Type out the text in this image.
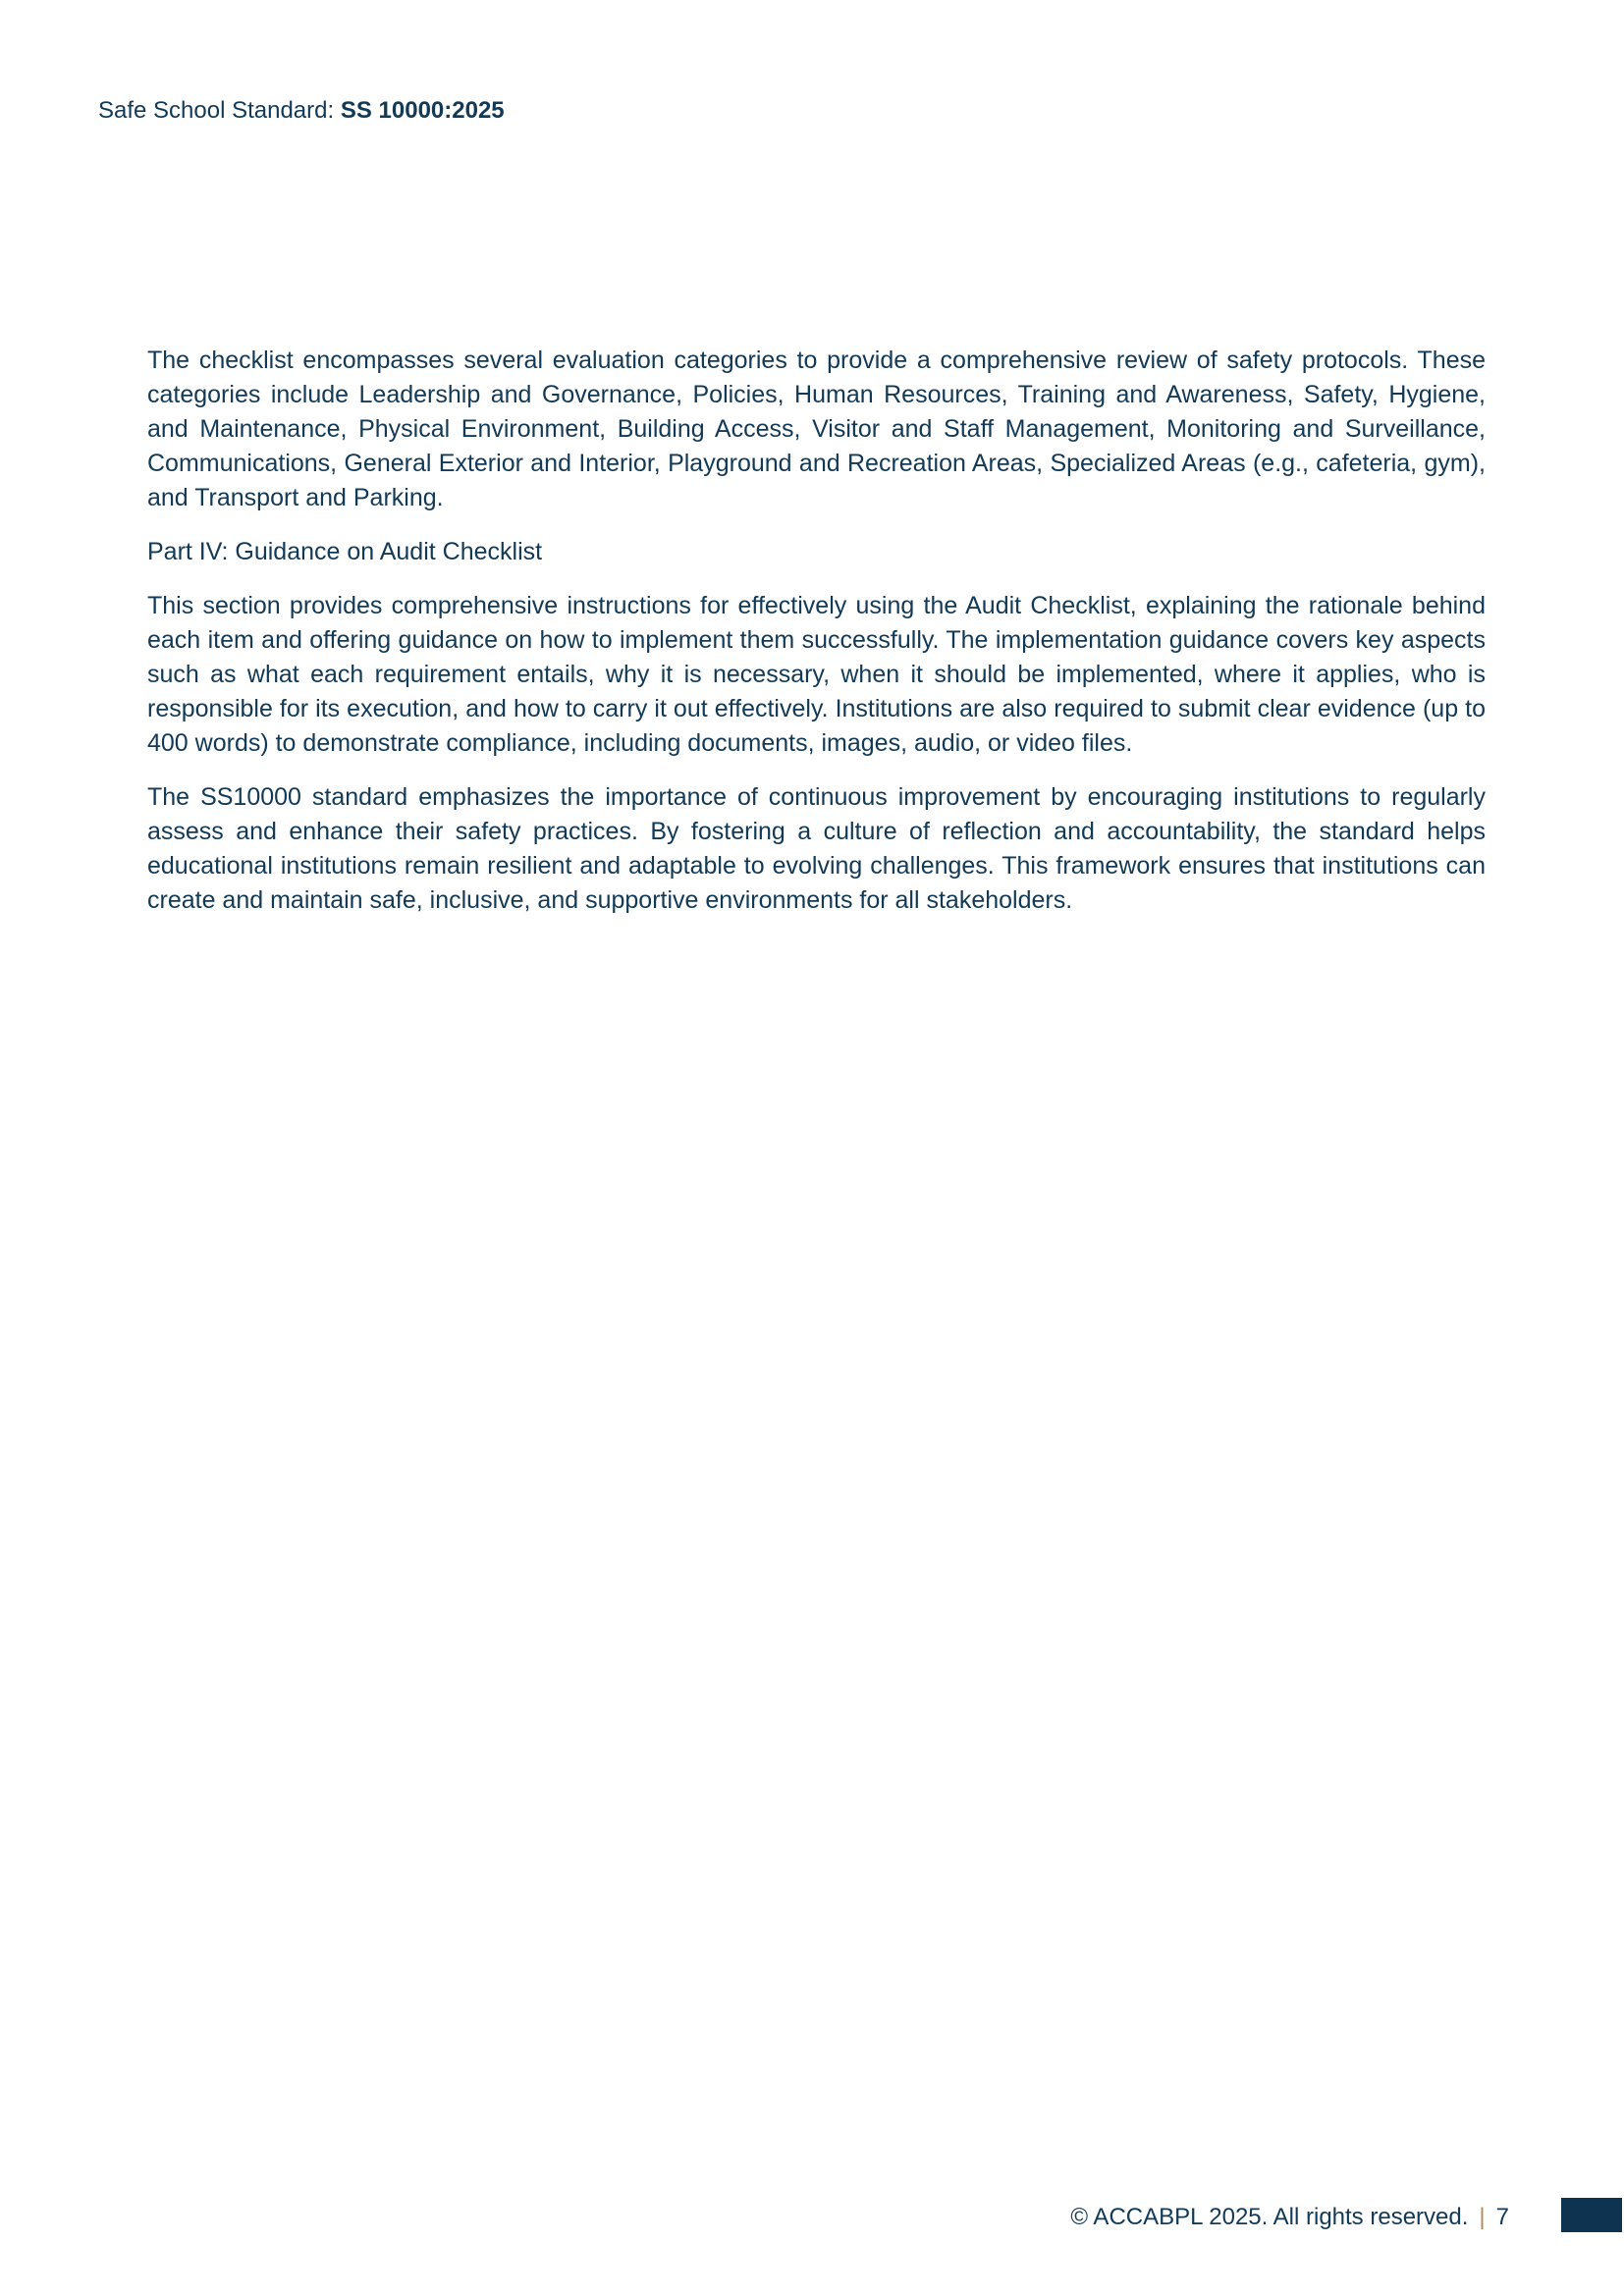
Safe School Standard: SS 10000:2025

The checklist encompasses several evaluation categories to provide a comprehensive review of safety protocols. These categories include Leadership and Governance, Policies, Human Resources, Training and Awareness, Safety, Hygiene, and Maintenance, Physical Environment, Building Access, Visitor and Staff Management, Monitoring and Surveillance, Communications, General Exterior and Interior, Playground and Recreation Areas, Specialized Areas (e.g., cafeteria, gym), and Transport and Parking.

Part IV: Guidance on Audit Checklist

This section provides comprehensive instructions for effectively using the Audit Checklist, explaining the rationale behind each item and offering guidance on how to implement them successfully. The implementation guidance covers key aspects such as what each requirement entails, why it is necessary, when it should be implemented, where it applies, who is responsible for its execution, and how to carry it out effectively. Institutions are also required to submit clear evidence (up to 400 words) to demonstrate compliance, including documents, images, audio, or video files.

The SS10000 standard emphasizes the importance of continuous improvement by encouraging institutions to regularly assess and enhance their safety practices. By fostering a culture of reflection and accountability, the standard helps educational institutions remain resilient and adaptable to evolving challenges. This framework ensures that institutions can create and maintain safe, inclusive, and supportive environments for all stakeholders.

© ACCABPL 2025. All rights reserved. | 7
